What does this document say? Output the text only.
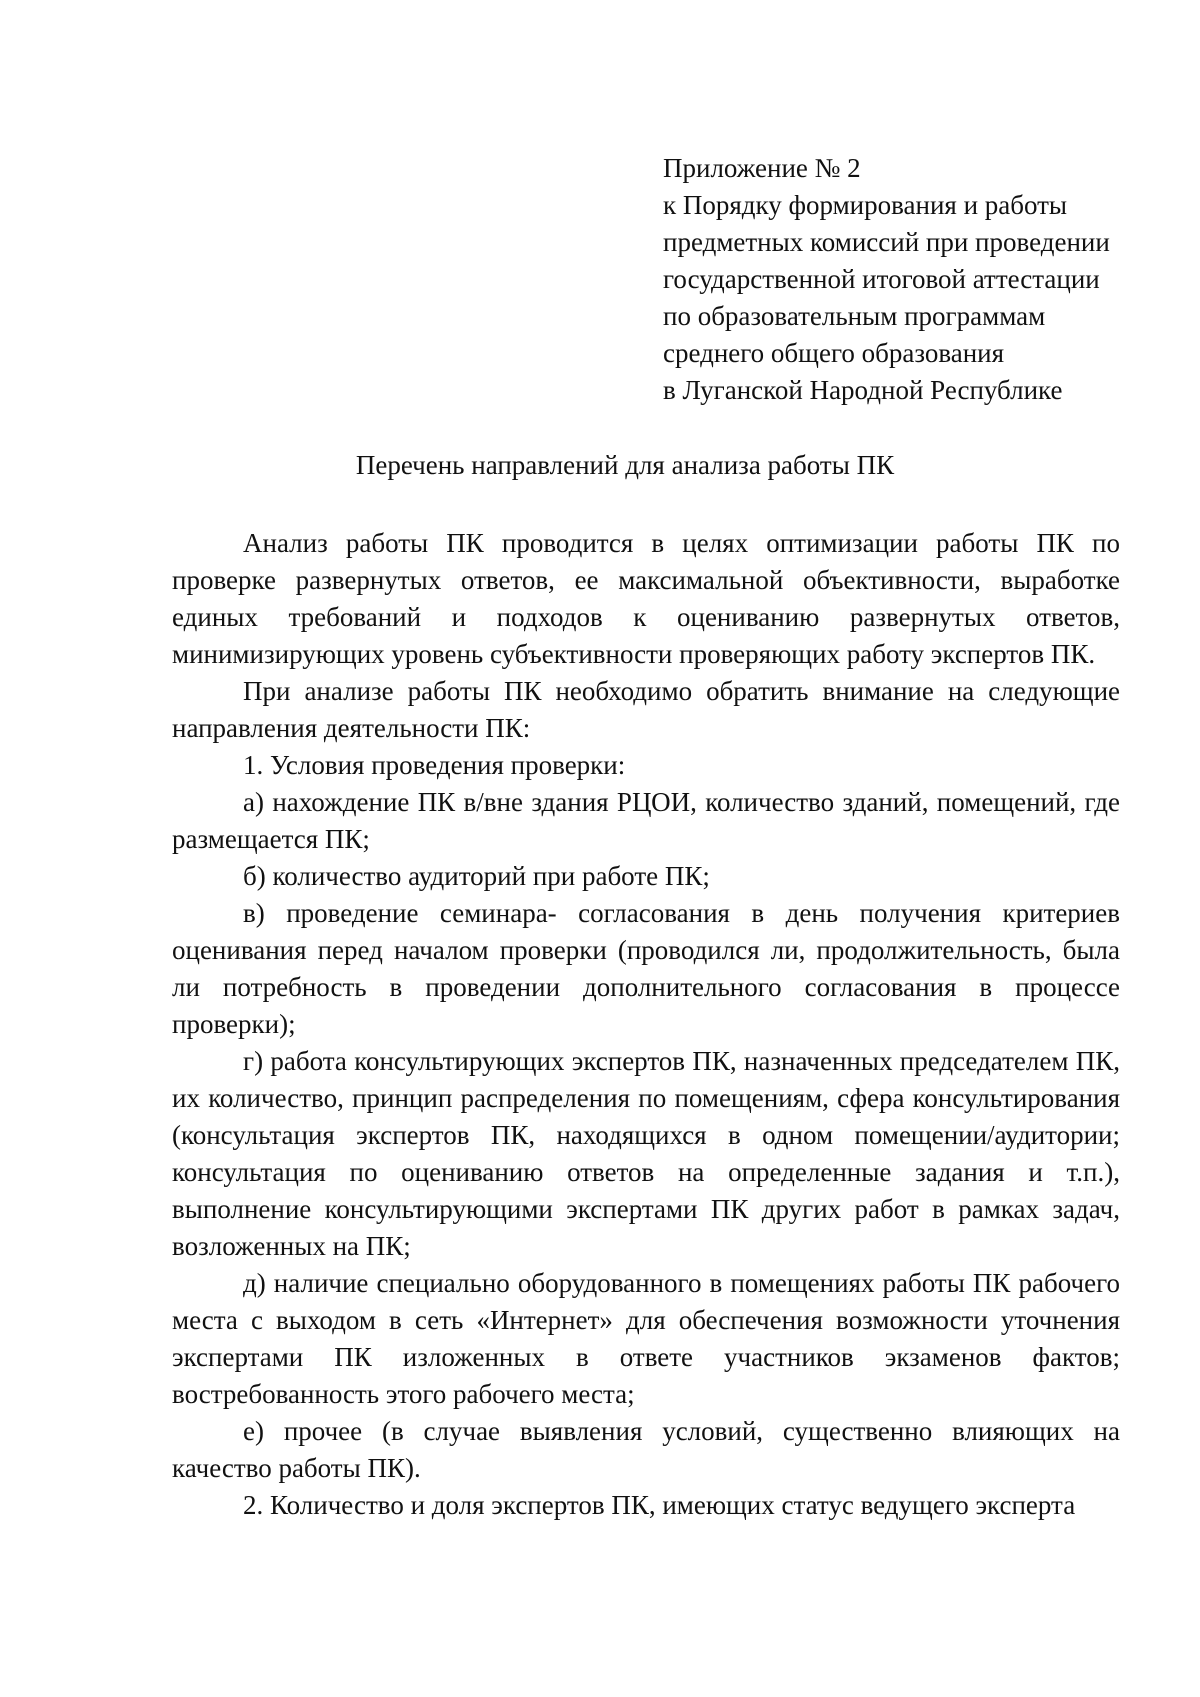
Приложение № 2
к Порядку формирования и работы
предметных комиссий при проведении
государственной итоговой аттестации
по образовательным программам
среднего общего образования
в Луганской Народной Республике
Перечень направлений для анализа работы ПК

Анализ работы ПК проводится в целях оптимизации работы ПК по проверке развернутых ответов, ее максимальной объективности, выработке единых требований и подходов к оцениванию развернутых ответов, минимизирующих уровень субъективности проверяющих работу экспертов ПК.

При анализе работы ПК необходимо обратить внимание на следующие направления деятельности ПК:

1. Условия проведения проверки:

а) нахождение ПК в/вне здания РЦОИ, количество зданий, помещений, где размещается ПК;

б) количество аудиторий при работе ПК;

в) проведение семинара- согласования в день получения критериев оценивания перед началом проверки (проводился ли, продолжительность, была ли потребность в проведении дополнительного согласования в процессе проверки);

г) работа консультирующих экспертов ПК, назначенных председателем ПК, их количество, принцип распределения по помещениям, сфера консультирования (консультация экспертов ПК, находящихся в одном помещении/аудитории; консультация по оцениванию ответов на определенные задания и т.п.), выполнение консультирующими экспертами ПК других работ в рамках задач, возложенных на ПК;

д) наличие специально оборудованного в помещениях работы ПК рабочего места с выходом в сеть «Интернет» для обеспечения возможности уточнения экспертами ПК изложенных в ответе участников экзаменов фактов; востребованность этого рабочего места;

е) прочее (в случае выявления условий, существенно влияющих на качество работы ПК).

2. Количество и доля экспертов ПК, имеющих статус ведущего эксперта
